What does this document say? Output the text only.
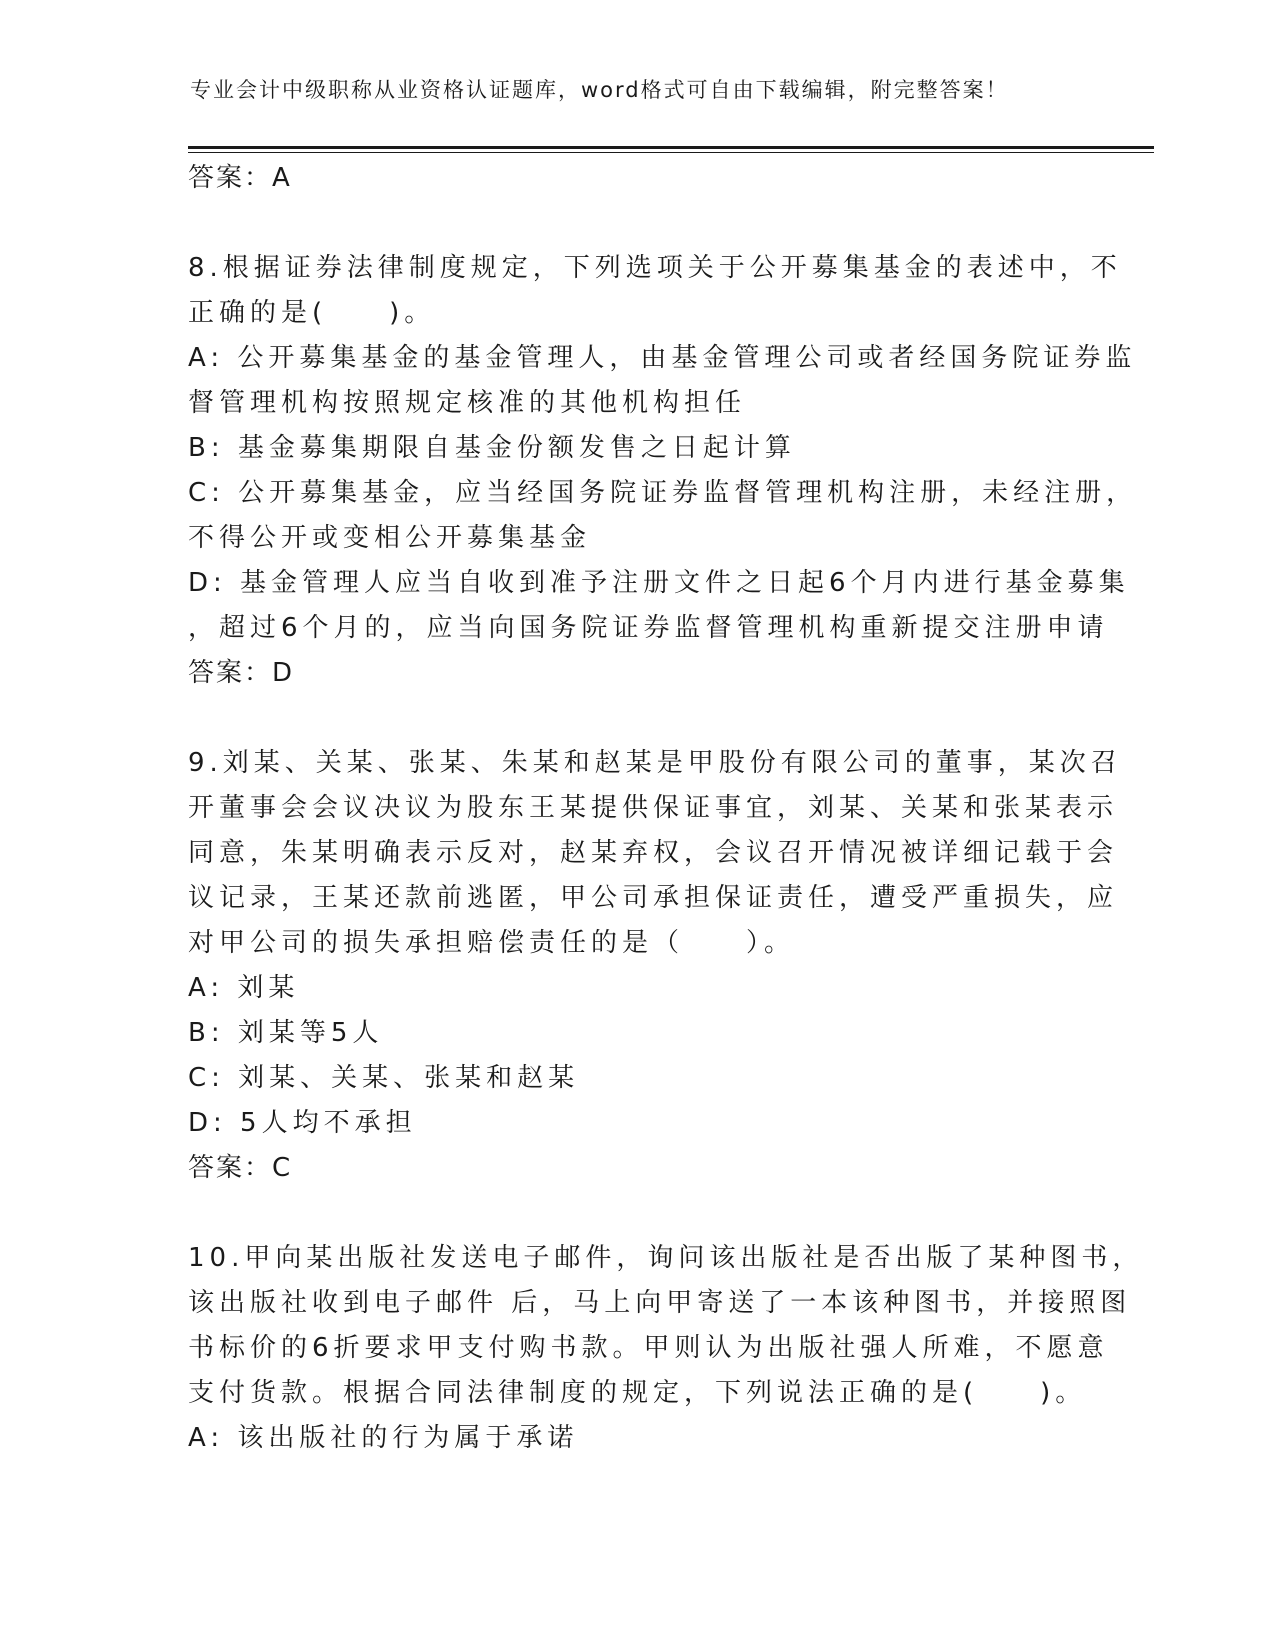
专业会计中级职称从业资格认证题库，word格式可自由下载编辑，附完整答案！
答案：A
8.根据证券法律制度规定，下列选项关于公开募集基金的表述中，不
正确的是(　　)。
A: 公开募集基金的基金管理人，由基金管理公司或者经国务院证券监
督管理机构按照规定核准的其他机构担任
B: 基金募集期限自基金份额发售之日起计算
C: 公开募集基金，应当经国务院证券监督管理机构注册，未经注册，
不得公开或变相公开募集基金
D: 基金管理人应当自收到准予注册文件之日起6个月内进行基金募集
，超过6个月的，应当向国务院证券监督管理机构重新提交注册申请
答案：D
9.刘某、关某、张某、朱某和赵某是甲股份有限公司的董事，某次召
开董事会会议决议为股东王某提供保证事宜，刘某、关某和张某表示
同意，朱某明确表示反对，赵某弃权，会议召开情况被详细记载于会
议记录，王某还款前逃匿，甲公司承担保证责任，遭受严重损失，应
对甲公司的损失承担赔偿责任的是（　　）。
A: 刘某
B: 刘某等5人
C: 刘某、关某、张某和赵某
D: 5人均不承担
答案：C
10.甲向某出版社发送电子邮件，询问该出版社是否出版了某种图书，
该出版社收到电子邮件 后，马上向甲寄送了一本该种图书，并接照图
书标价的6折要求甲支付购书款。甲则认为出版社强人所难，不愿意
支付货款。根据合同法律制度的规定，下列说法正确的是(　　)。
A: 该出版社的行为属于承诺
